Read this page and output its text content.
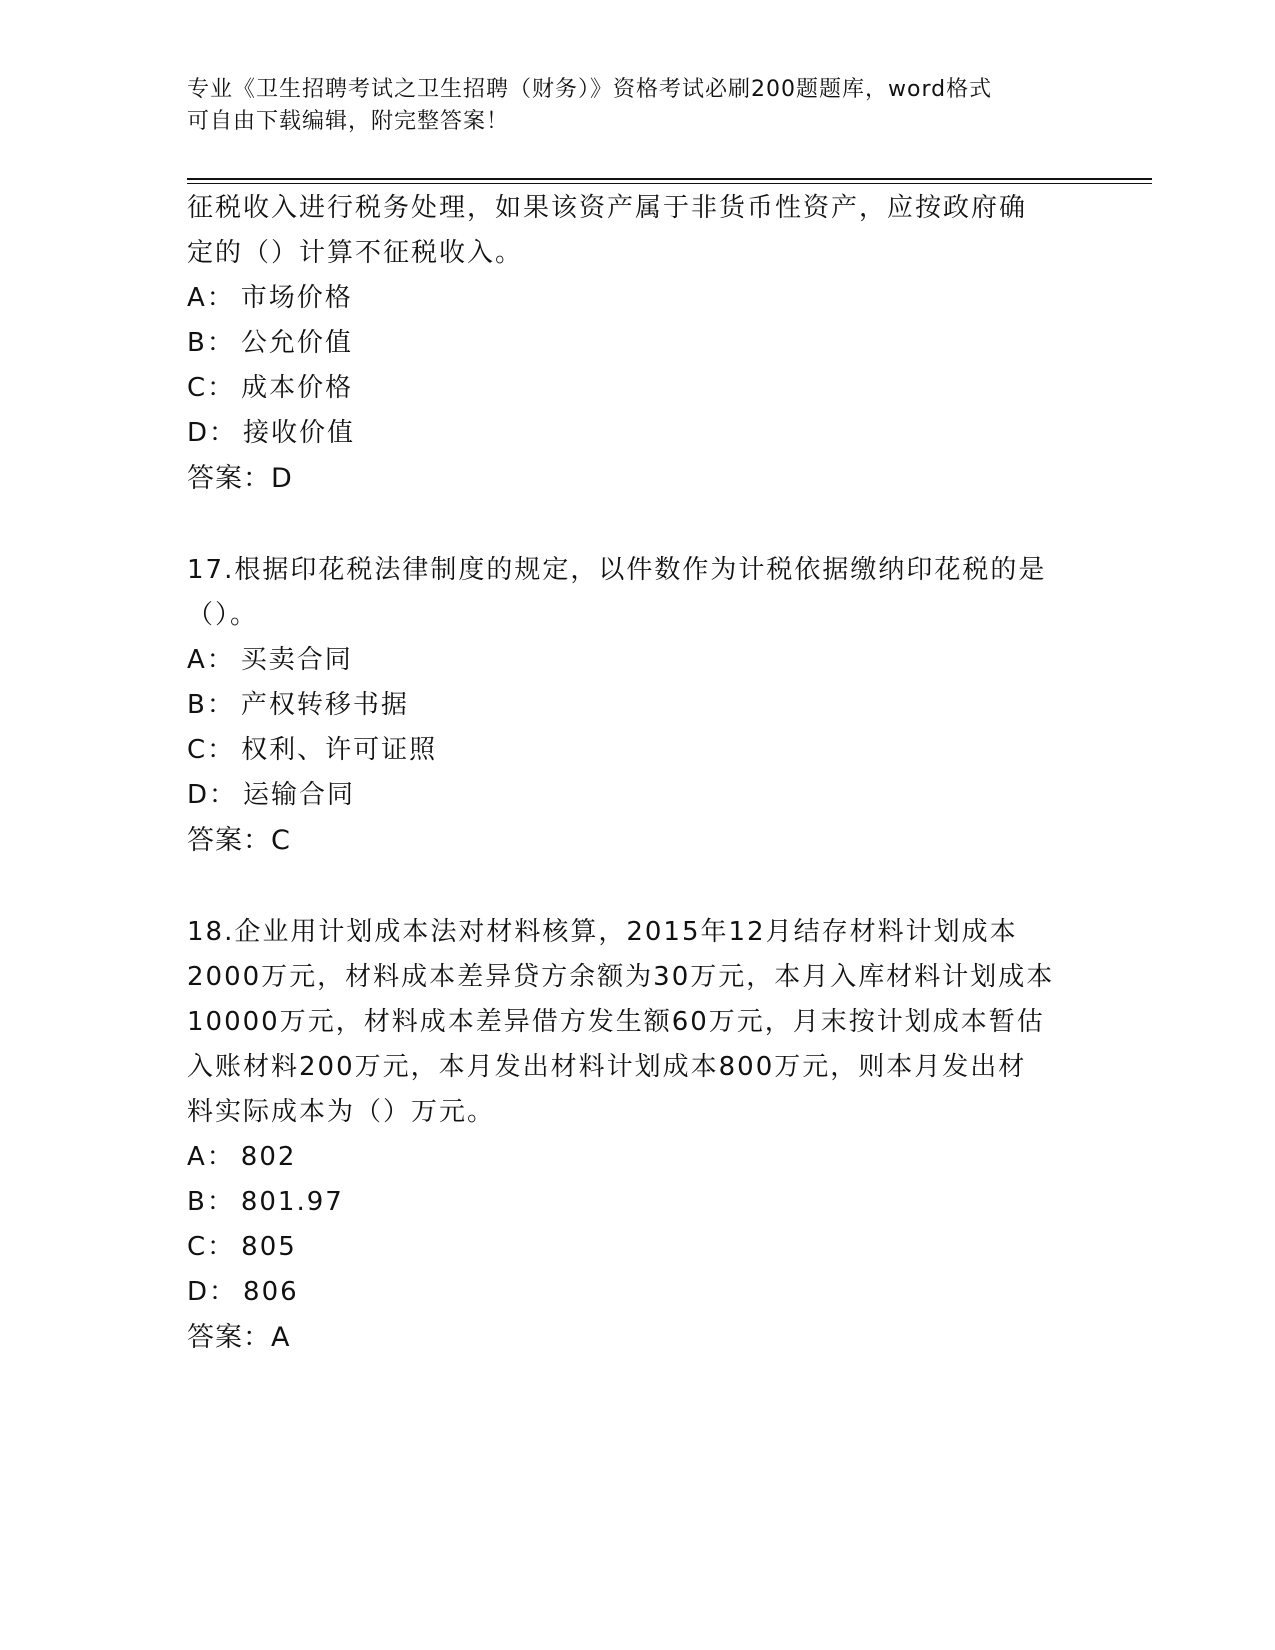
专业《卫生招聘考试之卫生招聘（财务）》资格考试必刷200题题库，word格式
可自由下载编辑，附完整答案！
征税收入进行税务处理，如果该资产属于非货币性资产，应按政府确
定的（）计算不征税收入。
A： 市场价格
B： 公允价值
C： 成本价格
D： 接收价值
答案：D
17.根据印花税法律制度的规定，以件数作为计税依据缴纳印花税的是
（）。
A： 买卖合同
B： 产权转移书据
C： 权利、许可证照
D： 运输合同
答案：C
18.企业用计划成本法对材料核算，2015年12月结存材料计划成本
2000万元，材料成本差异贷方余额为30万元，本月入库材料计划成本
10000万元，材料成本差异借方发生额60万元，月末按计划成本暂估
入账材料200万元，本月发出材料计划成本800万元，则本月发出材
料实际成本为（）万元。
A： 802
B： 801.97
C： 805
D： 806
答案：A
